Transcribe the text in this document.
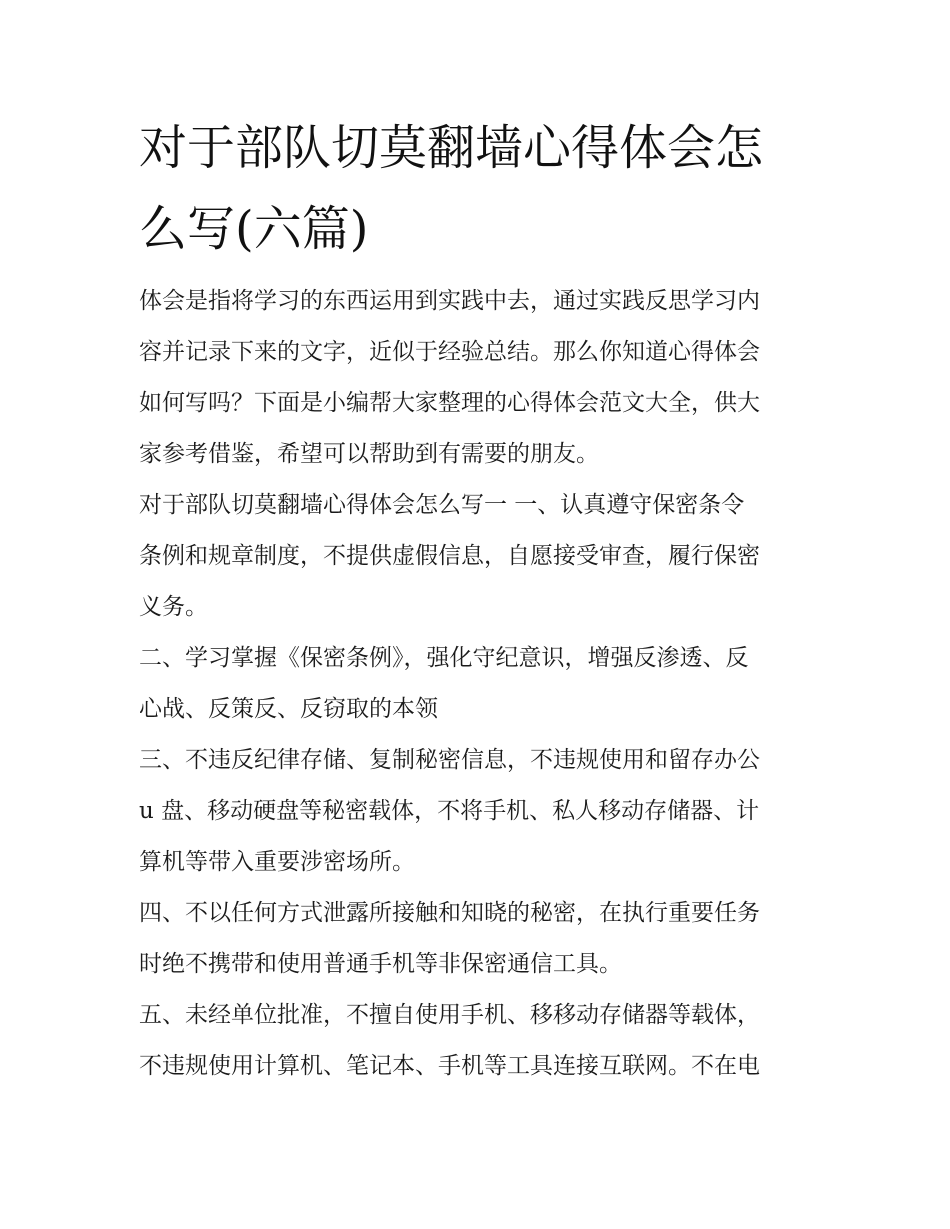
对于部队切莫翻墙心得体会怎
么写(六篇)

体会是指将学习的东西运用到实践中去，通过实践反思学习内
容并记录下来的文字，近似于经验总结。那么你知道心得体会
如何写吗？下面是小编帮大家整理的心得体会范文大全，供大
家参考借鉴，希望可以帮助到有需要的朋友。

对于部队切莫翻墙心得体会怎么写一 一、认真遵守保密条令
条例和规章制度，不提供虚假信息，自愿接受审查，履行保密
义务。

二、学习掌握《保密条例》，强化守纪意识，增强反渗透、反
心战、反策反、反窃取的本领

三、不违反纪律存储、复制秘密信息，不违规使用和留存办公
u 盘、移动硬盘等秘密载体，不将手机、私人移动存储器、计
算机等带入重要涉密场所。

四、不以任何方式泄露所接触和知晓的秘密，在执行重要任务
时绝不携带和使用普通手机等非保密通信工具。

五、未经单位批准，不擅自使用手机、移移动存储器等载体，
不违规使用计算机、笔记本、手机等工具连接互联网。不在电
